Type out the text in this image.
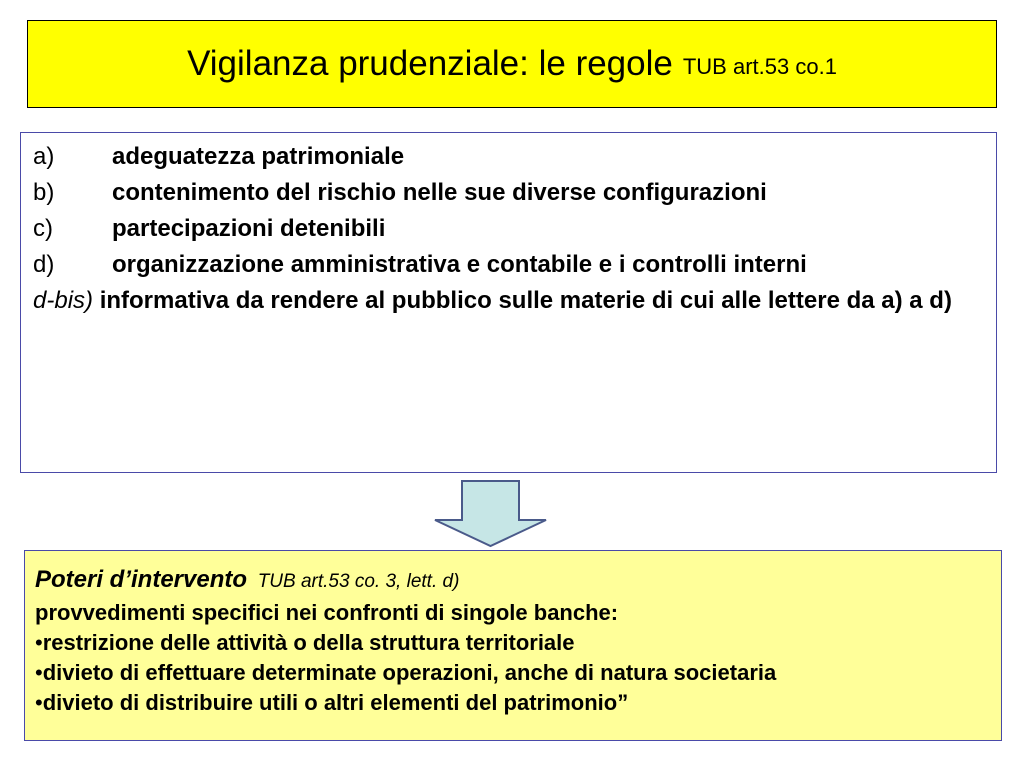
Vigilanza prudenziale: le regole TUB art.53 co.1
a)	adeguatezza patrimoniale
b)	contenimento del rischio nelle sue diverse configurazioni
c)	partecipazioni detenibili
d)	organizzazione amministrativa e contabile e i controlli interni
d-bis) informativa da rendere al pubblico sulle materie di cui alle lettere da a) a d)
Poteri d’intervento TUB art.53 co. 3, lett. d)
provvedimenti specifici nei confronti di singole banche:
•restrizione delle attività o della struttura territoriale
•divieto di effettuare determinate operazioni, anche di natura societaria
•divieto di distribuire utili o altri elementi del patrimonio”
